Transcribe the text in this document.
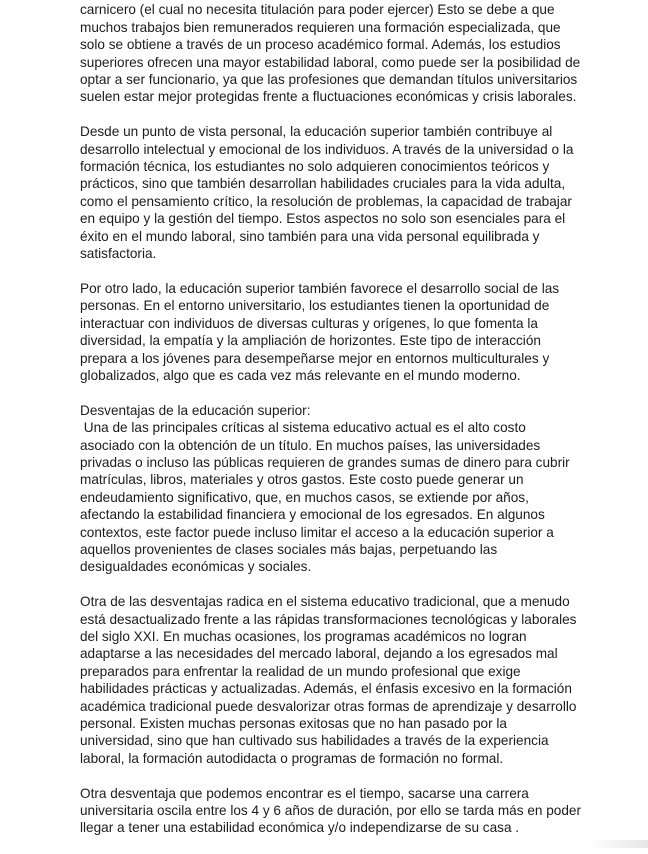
carnicero (el cual no necesita titulación para poder ejercer) Esto se debe a que
muchos trabajos bien remunerados requieren una formación especializada, que
solo se obtiene a través de un proceso académico formal. Además, los estudios
superiores ofrecen una mayor estabilidad laboral, como puede ser la posibilidad de
optar a ser funcionario, ya que las profesiones que demandan títulos universitarios
suelen estar mejor protegidas frente a fluctuaciones económicas y crisis laborales.
Desde un punto de vista personal, la educación superior también contribuye al
desarrollo intelectual y emocional de los individuos. A través de la universidad o la
formación técnica, los estudiantes no solo adquieren conocimientos teóricos y
prácticos, sino que también desarrollan habilidades cruciales para la vida adulta,
como el pensamiento crítico, la resolución de problemas, la capacidad de trabajar
en equipo y la gestión del tiempo. Estos aspectos no solo son esenciales para el
éxito en el mundo laboral, sino también para una vida personal equilibrada y
satisfactoria.
Por otro lado, la educación superior también favorece el desarrollo social de las
personas. En el entorno universitario, los estudiantes tienen la oportunidad de
interactuar con individuos de diversas culturas y orígenes, lo que fomenta la
diversidad, la empatía y la ampliación de horizontes. Este tipo de interacción
prepara a los jóvenes para desempeñarse mejor en entornos multiculturales y
globalizados, algo que es cada vez más relevante en el mundo moderno.
Desventajas de la educación superior:
Una de las principales críticas al sistema educativo actual es el alto costo
asociado con la obtención de un título. En muchos países, las universidades
privadas o incluso las públicas requieren de grandes sumas de dinero para cubrir
matrículas, libros, materiales y otros gastos. Este costo puede generar un
endeudamiento significativo, que, en muchos casos, se extiende por años,
afectando la estabilidad financiera y emocional de los egresados. En algunos
contextos, este factor puede incluso limitar el acceso a la educación superior a
aquellos provenientes de clases sociales más bajas, perpetuando las
desigualdades económicas y sociales.
Otra de las desventajas radica en el sistema educativo tradicional, que a menudo
está desactualizado frente a las rápidas transformaciones tecnológicas y laborales
del siglo XXI. En muchas ocasiones, los programas académicos no logran
adaptarse a las necesidades del mercado laboral, dejando a los egresados mal
preparados para enfrentar la realidad de un mundo profesional que exige
habilidades prácticas y actualizadas. Además, el énfasis excesivo en la formación
académica tradicional puede desvalorizar otras formas de aprendizaje y desarrollo
personal. Existen muchas personas exitosas que no han pasado por la
universidad, sino que han cultivado sus habilidades a través de la experiencia
laboral, la formación autodidacta o programas de formación no formal.
Otra desventaja que podemos encontrar es el tiempo, sacarse una carrera
universitaria oscila entre los 4 y 6 años de duración, por ello se tarda más en poder
llegar a tener una estabilidad económica y/o independizarse de su casa .
